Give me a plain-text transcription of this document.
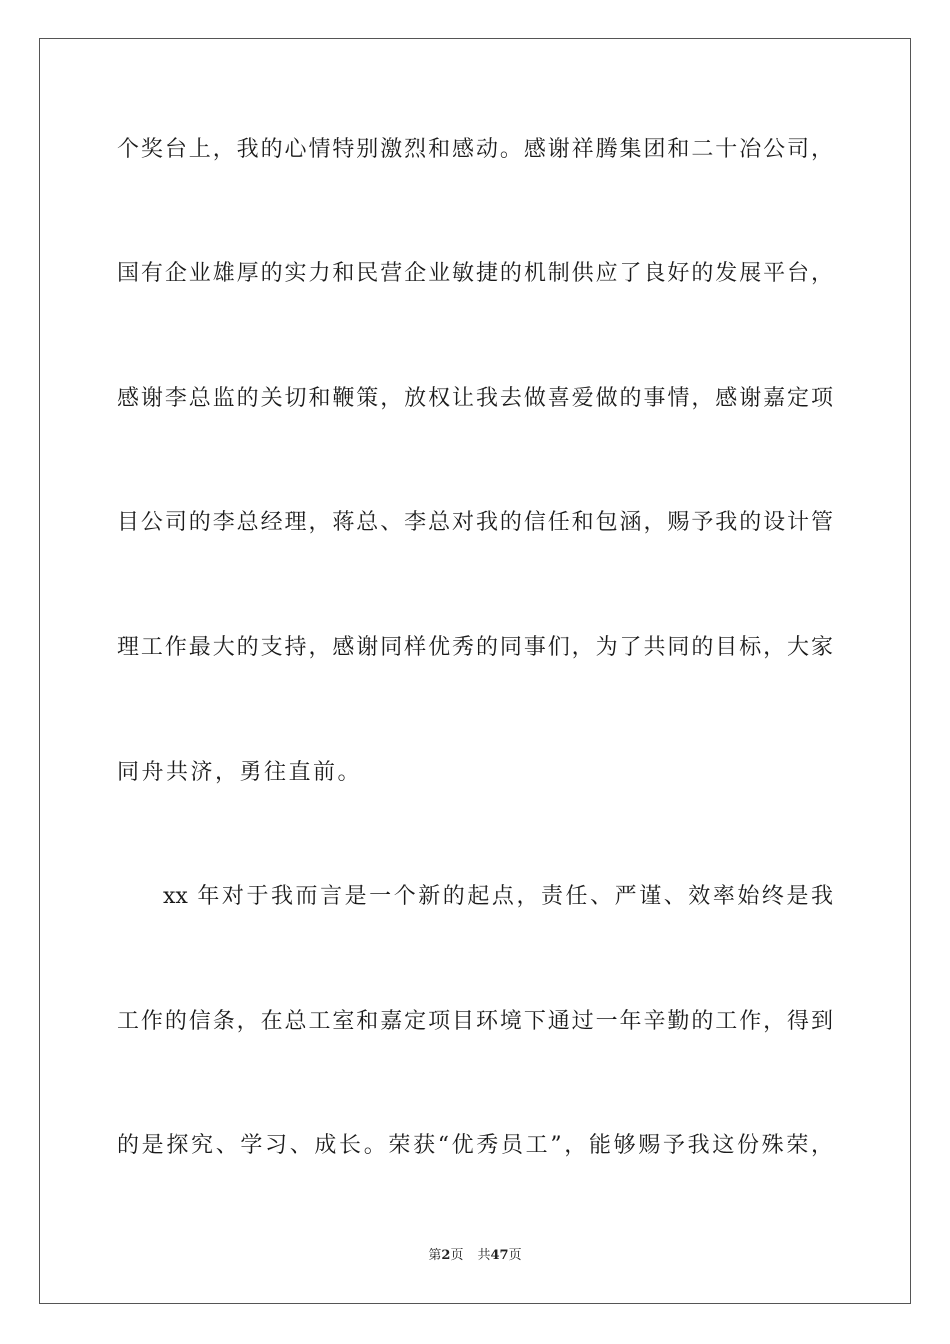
个奖台上，我的心情特别激烈和感动。感谢祥腾集团和二十冶公司，
国有企业雄厚的实力和民营企业敏捷的机制供应了良好的发展平台，
感谢李总监的关切和鞭策，放权让我去做喜爱做的事情，感谢嘉定项
目公司的李总经理，蒋总、李总对我的信任和包涵，赐予我的设计管
理工作最大的支持，感谢同样优秀的同事们，为了共同的目标，大家
同舟共济，勇往直前。
xx 年对于我而言是一个新的起点，责任、严谨、效率始终是我
工作的信条，在总工室和嘉定项目环境下通过一年辛勤的工作，得到
的是探究、学习、成长。荣获“优秀员工”，能够赐予我这份殊荣，
第2页 共47页
